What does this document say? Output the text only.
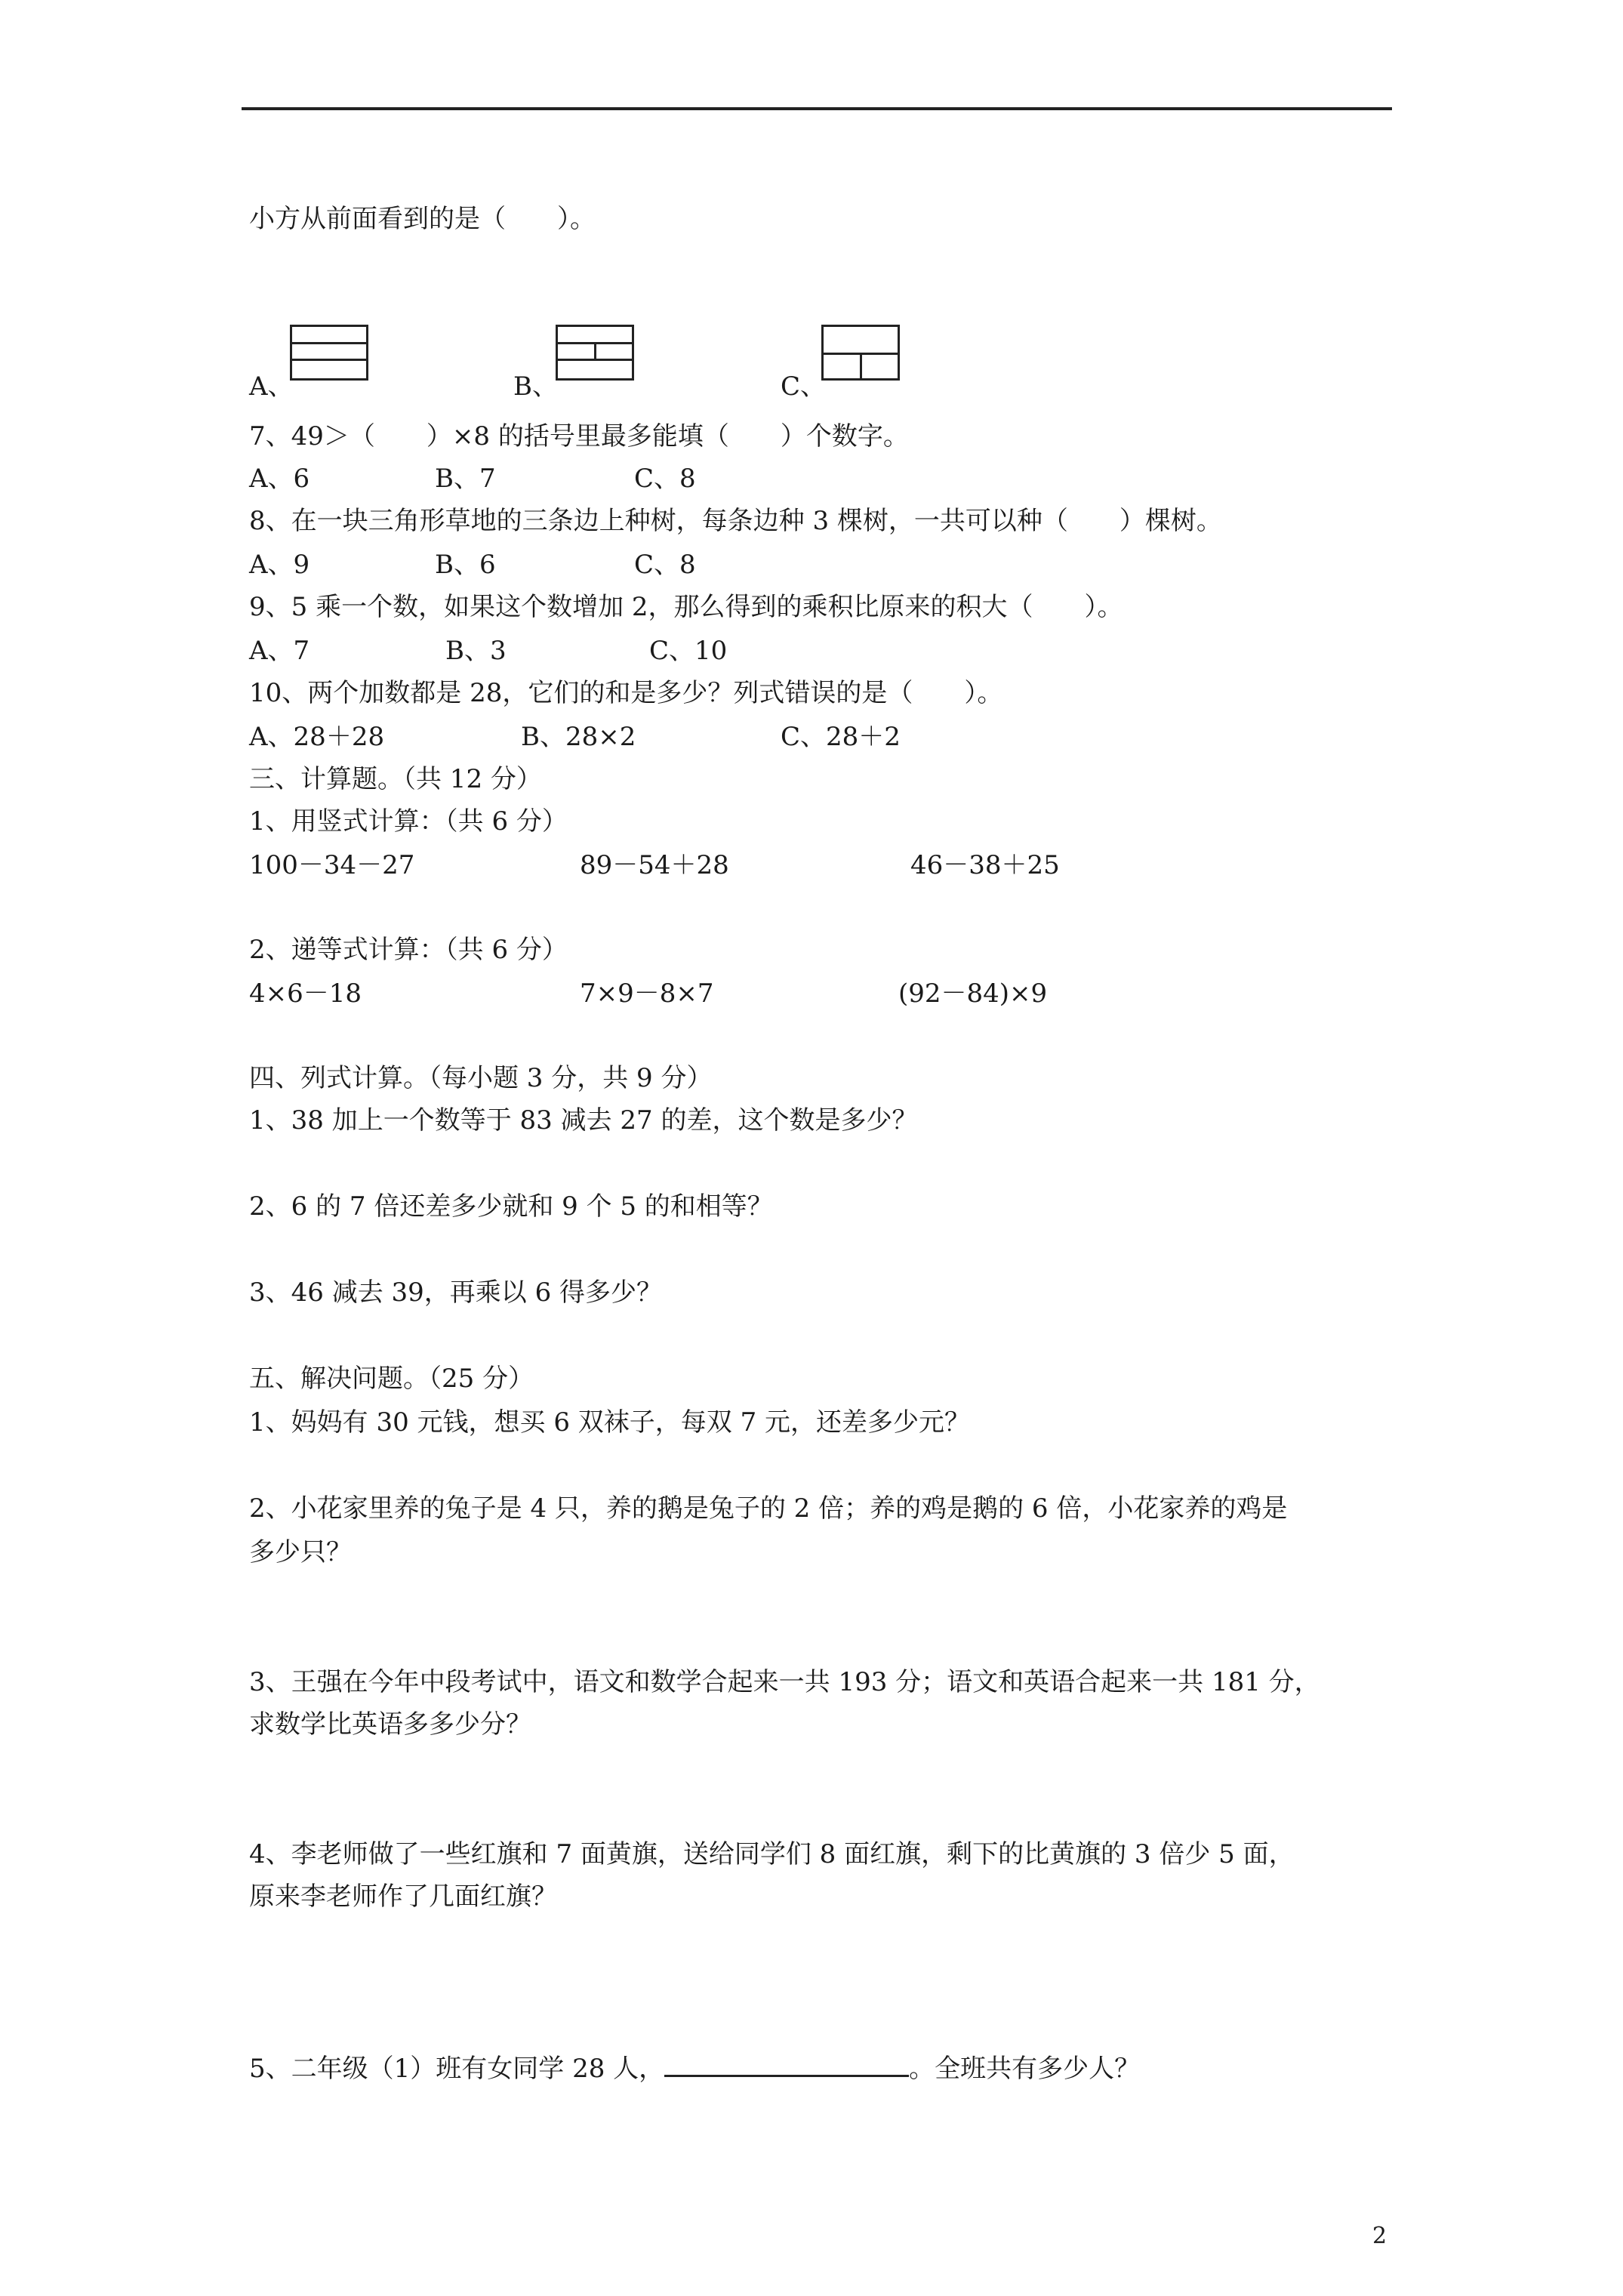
小方从前面看到的是（　　）。
A、	B、	C、
7、49＞（　　）×8 的括号里最多能填（　　）个数字。
A、6	B、7	C、8
8、在一块三角形草地的三条边上种树，每条边种 3 棵树，一共可以种（　　）棵树。
A、9	B、6	C、8
9、5 乘一个数，如果这个数增加 2，那么得到的乘积比原来的积大（　　）。
A、7	B、3	C、10
10、两个加数都是 28，它们的和是多少？列式错误的是（　　）。
A、28＋28	B、28×2	C、28＋2
三、计算题。（共 12 分）
1、用竖式计算：（共 6 分）
100－34－27	89－54＋28	46－38＋25
2、递等式计算：（共 6 分）
4×6－18	7×9－8×7	(92－84)×9
四、列式计算。（每小题 3 分，共 9 分）
1、38 加上一个数等于 83 减去 27 的差，这个数是多少？
2、6 的 7 倍还差多少就和 9 个 5 的和相等？
3、46 减去 39，再乘以 6 得多少？
五、解决问题。（25 分）
1、妈妈有 30 元钱，想买 6 双袜子，每双 7 元，还差多少元？
2、小花家里养的兔子是 4 只，养的鹅是兔子的 2 倍；养的鸡是鹅的 6 倍，小花家养的鸡是
多少只？
3、王强在今年中段考试中，语文和数学合起来一共 193 分；语文和英语合起来一共 181 分，
求数学比英语多多少分？
4、李老师做了一些红旗和 7 面黄旗，送给同学们 8 面红旗，剩下的比黄旗的 3 倍少 5 面，
原来李老师作了几面红旗？
5、二年级（1）班有女同学 28 人，	。全班共有多少人？
2
